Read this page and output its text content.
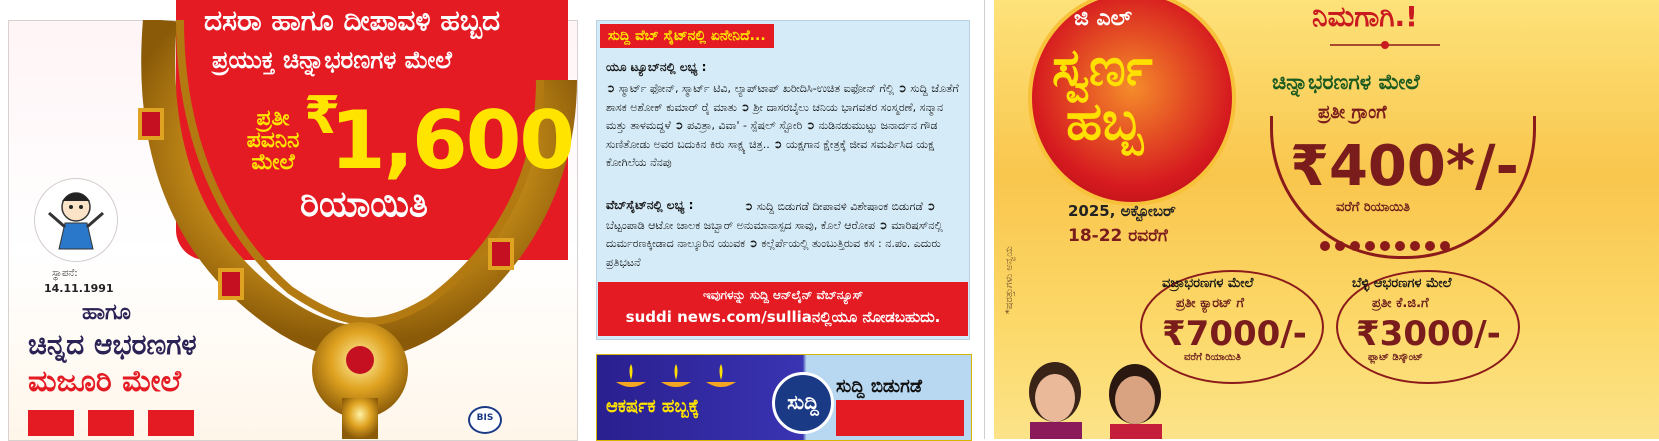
ದಸರಾ ಹಾಗೂ ದೀಪಾವಳಿ ಹಬ್ಬದ
ಪ್ರಯುಕ್ತ ಚಿನ್ನಾಭರಣಗಳ ಮೇಲೆ
ಪ್ರತೀ ಪವನಿನ ಮೇಲೆ
₹
1,600
ರಿಯಾಯಿತಿ
ಸ್ಥಾಪನೆ:
14.11.1991
ಹಾಗೂ
ಚಿನ್ನದ ಆಭರಣಗಳ
ಮಜೂರಿ ಮೇಲೆ
BIS
ಸುದ್ದಿ ವೆಬ್ ಸೈಟ್‌ನಲ್ಲಿ ಏನೇನಿದೆ...
ಯೂ ಟ್ಯೂಬ್‌ನಲ್ಲಿ ಲಭ್ಯ :
➲ ಸ್ಮಾರ್ಟ್ ಫೋನ್, ಸ್ಮಾರ್ಟ್ ಟಿವಿ, ಲ್ಯಾಪ್‌ಟಾಪ್ ಖರೀದಿಸಿ-ಉಚಿತ ಐಫೋನ್ ಗೆಲ್ಲಿ ➲ ಸುದ್ದಿ ಜೊತೆಗೆ ಶಾಸಕ ಅಶೋಕ್ ಕುಮಾರ್ ರೈ ಮಾತು ➲ ಶ್ರೀ ದಾಸರಬೈಲು ಚನಿಯ ಭಾಗವತರ ಸಂಸ್ಮರಣೆ, ಸನ್ಮಾನ ಮತ್ತು ತಾಳಮದ್ದಳೆ ➲ ಪವಿತ್ರಾ, ವಿವಾ' - ಸ್ಪೆಷಲ್ ಸ್ಟೋರಿ ➲ ನುಡಿನಡುಮುಟ್ಟು ಜನಾರ್ದನ ಗೌಡ ಸುಣಿತೋಡು ಅವರ ಬದುಕಿನ ಕಿರು ಸಾಕ್ಷ್ಯ ಚಿತ್ರ.. ➲ ಯಕ್ಷಗಾನ ಕ್ಷೇತ್ರಕ್ಕೆ ಜೀವ ಸಮರ್ಪಿಸಿದ ಯಕ್ಷ ಕೋಗಿಲೆಯ ನೆನಪು
➲ ಸುದ್ದಿ ಬಿಡುಗಡೆ ದೀಪಾವಳಿ ವಿಶೇಷಾಂಕ ಬಿಡುಗಡೆ ➲ ಬೆಟ್ಟಂಪಾಡಿ ಆಟೋ ಚಾಲಕ ಜಬ್ಬಾರ್ ಅನುಮಾನಾಸ್ಪದ ಸಾವು, ಕೊಲೆ ಆರೋಪ ➲ ಮಾರಿಷಸ್‌ನಲ್ಲಿ ದುರ್ಮರಣಕ್ಕೀಡಾದ ನಾಲ್ಕೂರಿನ ಯುವಕ ➲ ಕಲ್ಲೆರ್ಪೆಯಲ್ಲಿ ತುಂಬುತ್ತಿರುವ ಕಸ : ನ.ಪಂ. ಎದುರು ಪ್ರತಿಭಟನೆ
ವೆಬ್‌ಸೈಟ್‌ನಲ್ಲಿ ಲಭ್ಯ :
ಇವುಗಳನ್ನು ಸುದ್ದಿ ಆನ್‌ಲೈನ್ ವೆಬ್‌ನ್ಯೂಸ್
suddi news.com/sulliaನಲ್ಲಿಯೂ ನೋಡಬಹುದು.
ಆಕರ್ಷಕ ಹಬ್ಬಕ್ಕೆ	ಸುದ್ದಿ
ಸುದ್ದಿ ಬಿಡುಗಡೆ
ಜಿ ಎಲ್
ಸ್ವರ್ಣ
ಹಬ್ಬ
2025, ಅಕ್ಟೋಬರ್
18-22 ರವರೆಗೆ
*ಷರತ್ತುಗಳು ಅನ್ವಯ
ನಿಮಗಾಗಿ.!
ಚಿನ್ನಾಭರಣಗಳ ಮೇಲೆ
ಪ್ರತೀ ಗ್ರಾಂಗೆ
₹400*/-
ವರೆಗೆ ರಿಯಾಯಿತಿ
ವಜ್ರಾಭರಣಗಳ ಮೇಲೆ
ಪ್ರತೀ ಕ್ಯಾರಟ್ ಗೆ
₹7000/-
ವರೆಗೆ ರಿಯಾಯಿತಿ
ಬೆಳ್ಳಿ ಆಭರಣಗಳ ಮೇಲೆ
ಪ್ರತೀ ಕೆ.ಜಿ.ಗೆ
₹3000/-
ಫ್ಲಾಟ್ ಡಿಸ್ಕೌಂಟ್
